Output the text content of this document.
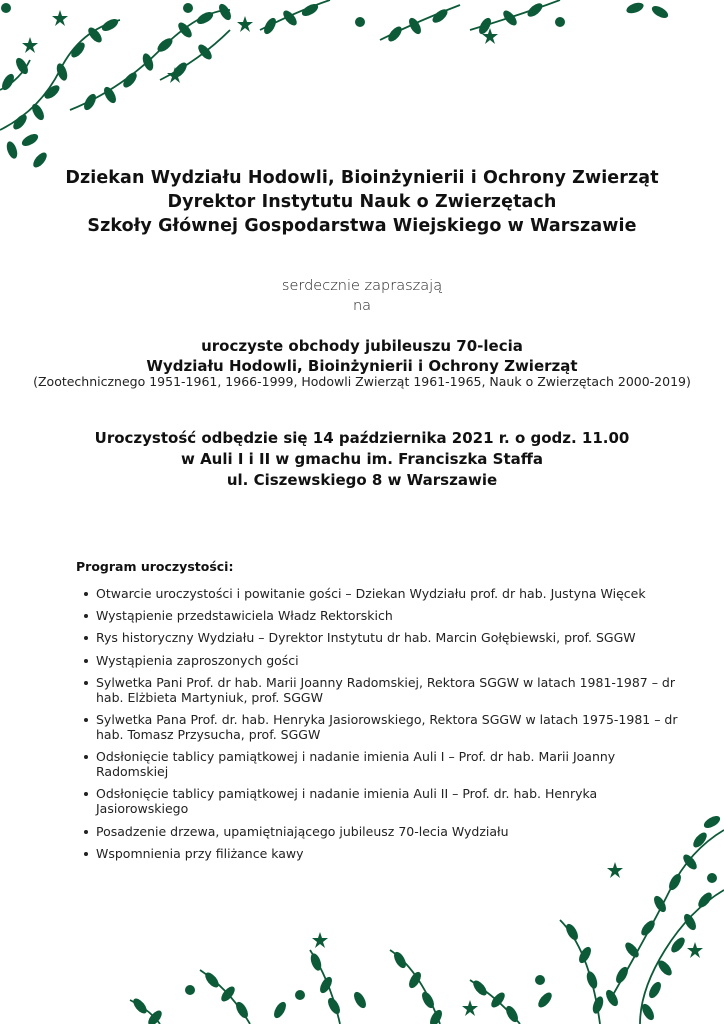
Dziekan Wydziału Hodowli, Bioinżynierii i Ochrony Zwierząt
Dyrektor Instytutu Nauk o Zwierzętach
Szkoły Głównej Gospodarstwa Wiejskiego w Warszawie
serdecznie zapraszają
na
uroczyste obchody jubileuszu 70-lecia
Wydziału Hodowli, Bioinżynierii i Ochrony Zwierząt
(Zootechnicznego 1951-1961, 1966-1999, Hodowli Zwierząt 1961-1965, Nauk o Zwierzętach 2000-2019)
Uroczystość odbędzie się 14 października 2021 r. o godz. 11.00
w Auli I i II w gmachu im. Franciszka Staffa
ul. Ciszewskiego 8 w Warszawie
Program uroczystości:
Otwarcie uroczystości i powitanie gości – Dziekan Wydziału prof. dr hab. Justyna Więcek
Wystąpienie przedstawiciela Władz Rektorskich
Rys historyczny Wydziału – Dyrektor Instytutu dr hab. Marcin Gołębiewski, prof. SGGW
Wystąpienia zaproszonych gości
Sylwetka Pani Prof. dr hab. Marii Joanny Radomskiej, Rektora SGGW w latach 1981-1987 – dr hab. Elżbieta Martyniuk, prof. SGGW
Sylwetka Pana Prof. dr. hab. Henryka Jasiorowskiego, Rektora SGGW w latach 1975-1981 – dr hab. Tomasz Przysucha, prof. SGGW
Odsłonięcie tablicy pamiątkowej i nadanie imienia Auli I – Prof. dr hab. Marii Joanny Radomskiej
Odsłonięcie tablicy pamiątkowej i nadanie imienia Auli II – Prof. dr. hab. Henryka Jasiorowskiego
Posadzenie drzewa, upamiętniającego jubileusz 70-lecia Wydziału
Wspomnienia przy filiżance kawy
